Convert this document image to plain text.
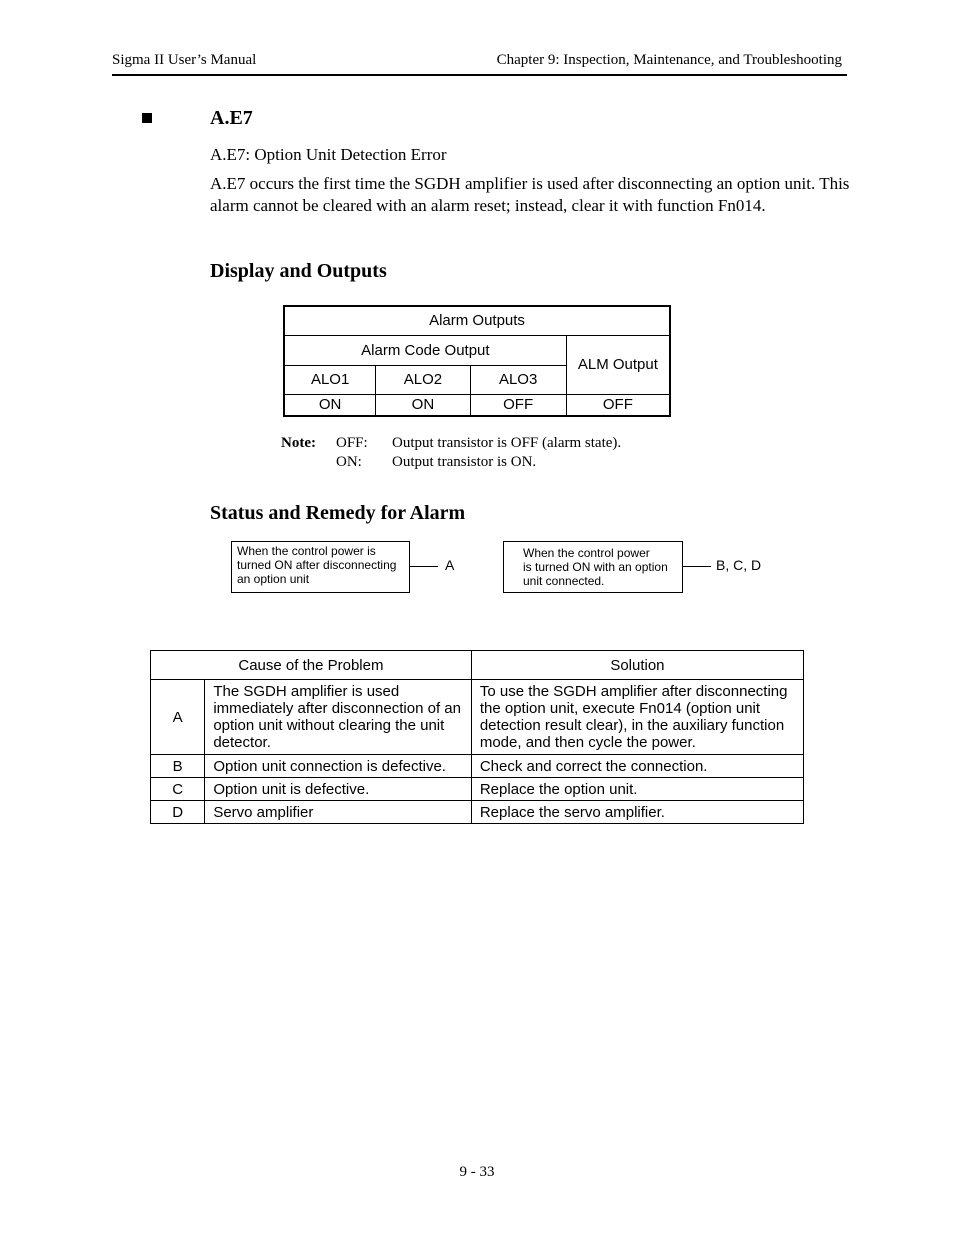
Sigma II User’s Manual	Chapter 9: Inspection, Maintenance, and Troubleshooting
A.E7
A.E7: Option Unit Detection Error
A.E7 occurs the first time the SGDH amplifier is used after disconnecting an option unit. This alarm cannot be cleared with an alarm reset; instead, clear it with function Fn014.
Display and Outputs
Alarm Outputs			
Alarm Code Output			ALM Output
ALO1	ALO2	ALO3	
ON	ON	OFF	OFF
Note: OFF: Output transistor is OFF (alarm state).
ON: Output transistor is ON.
Status and Remedy for Alarm
When the control power is
turned ON after disconnecting
an option unit
A
When the control power
is turned ON with an option
unit connected.
B, C, D
Cause of the Problem		Solution
A	The SGDH amplifier is used immediately after disconnection of an option unit without clearing the unit detector.	To use the SGDH amplifier after disconnecting the option unit, execute Fn014 (option unit detection result clear), in the auxiliary function mode, and then cycle the power.
B	Option unit connection is defective.	Check and correct the connection.
C	Option unit is defective.	Replace the option unit.
D	Servo amplifier	Replace the servo amplifier.
9 - 33
